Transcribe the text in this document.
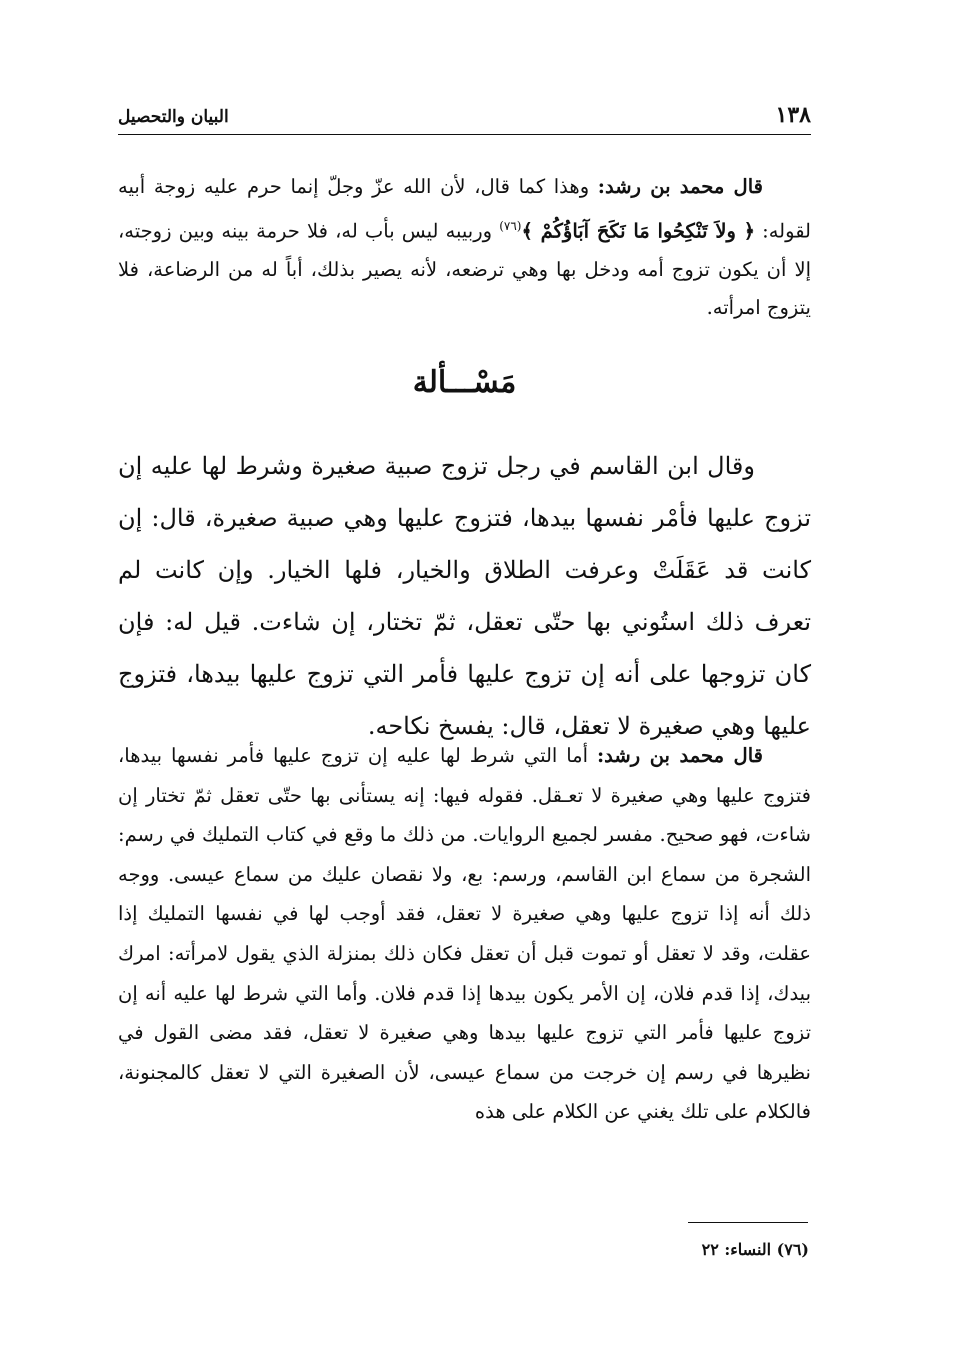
١٣٨
البيان والتحصيل

قال محمد بن رشد: وهذا كما قال، لأن الله عزّ وجلّ إنما حرم عليه زوجة أبيه لقوله: ﴿ ولاَ تَنْكِحُوا مَا نَكَحَ آبَاؤُكُمْ ﴾$^{(٧٦)}$ وربيبه ليس بأب له، فلا حرمة بينه وبين زوجته، إلا أن يكون تزوج أمه ودخل بها وهي ترضعه، لأنه يصير بذلك، أباً له من الرضاعة، فلا يتزوج امرأته.

مَسْـــألة

وقال ابن القاسم في رجل تزوج صبية صغيرة وشرط لها عليه إن تزوج عليها فأمْر نفسها بيدها، فتزوج عليها وهي صبية صغيرة، قال: إن كانت قد عَقَلَتْ وعرفت الطلاق والخيار، فلها الخيار. وإن كانت لم تعرف ذلك استُوني بها حتّى تعقل، ثمّ تختار، إن شاءت. قيل له: فإن كان تزوجها على أنه إن تزوج عليها فأمر التي تزوج عليها بيدها، فتزوج عليها وهي صغيرة لا تعقل، قال: يفسخ نكاحه.

قال محمد بن رشد: أما التي شرط لها عليه إن تزوج عليها فأمر نفسها بيدها، فتزوج عليها وهي صغيرة لا تعـقل. فقوله فيها: إنه يستأنى بها حتّى تعقل ثمّ تختار إن شاءت، فهو صحيح. مفسر لجميع الروايات. من ذلك ما وقع في كتاب التمليك في رسم: الشجرة من سماع ابن القاسم، ورسم: بع، ولا نقصان عليك من سماع عيسى. ووجه ذلك أنه إذا تزوج عليها وهي صغيرة لا تعقل، فقد أوجب لها في نفسها التمليك إذا عقلت، وقد لا تعقل أو تموت قبل أن تعقل فكان ذلك بمنزلة الذي يقول لامرأته: امرك بيدك، إذا قدم فلان، إن الأمر يكون بيدها إذا قدم فلان. وأما التي شرط لها عليه أنه إن تزوج عليها فأمر التي تزوج عليها بيدها وهي صغيرة لا تعقل، فقد مضى القول في نظيرها في رسم إن خرجت من سماع عيسى، لأن الصغيرة التي لا تعقل كالمجنونة، فالكلام على تلك يغني عن الكلام على هذه

(٧٦) النساء: ٢٢
